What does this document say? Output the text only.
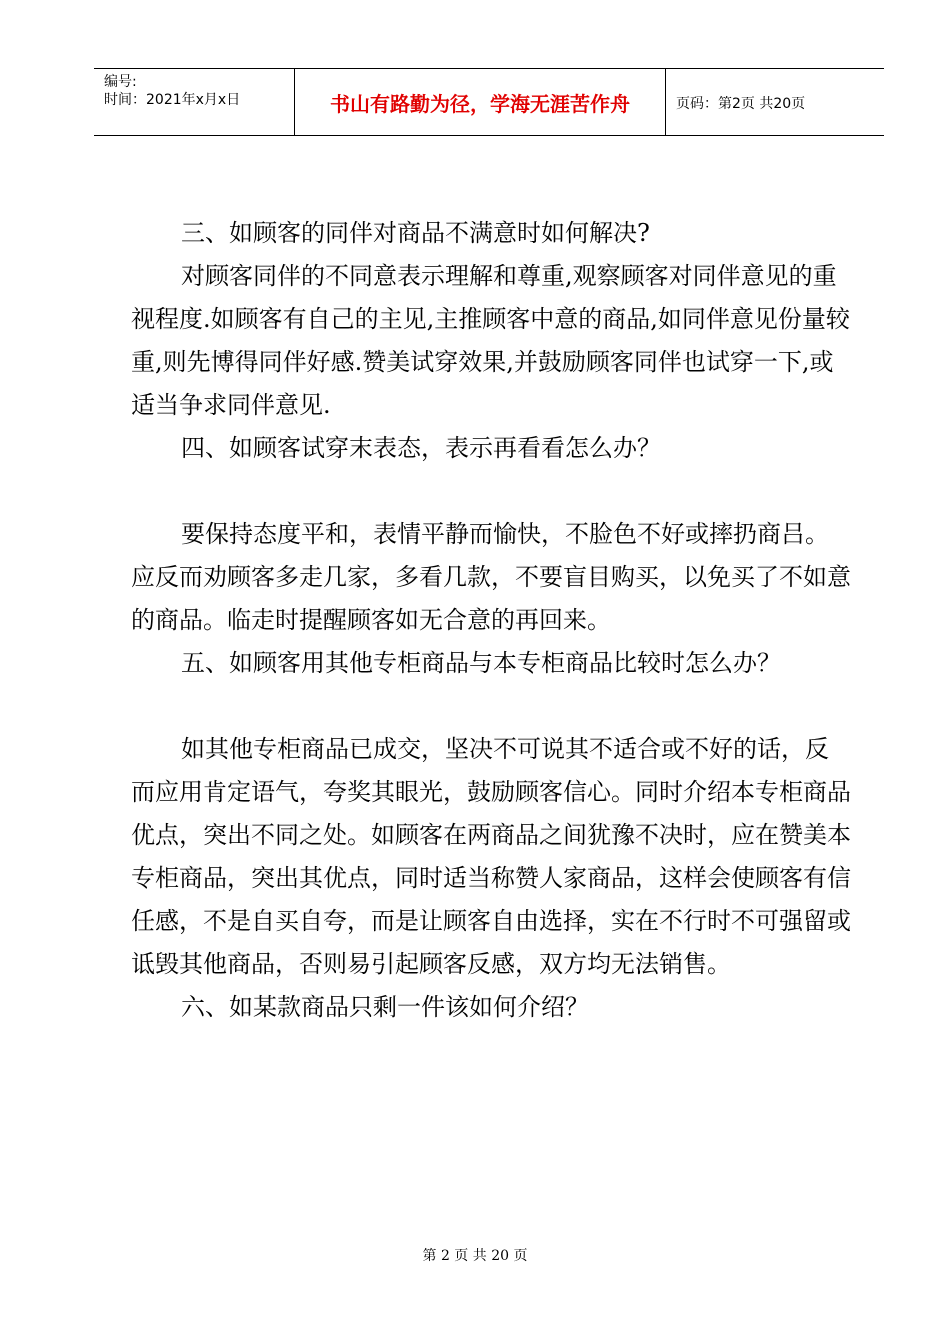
编号:
时间：2021年x月x日	书山有路勤为径，学海无涯苦作舟	页码：第2页 共20页

三、如顾客的同伴对商品不满意时如何解决?

对顾客同伴的不同意表示理解和尊重,观察顾客对同伴意见的重视程度.如顾客有自己的主见,主推顾客中意的商品,如同伴意见份量较重,则先博得同伴好感.赞美试穿效果,并鼓励顾客同伴也试穿一下,或适当争求同伴意见.

四、如顾客试穿末表态，表示再看看怎么办？

要保持态度平和，表情平静而愉快，不脸色不好或摔扔商吕。应反而劝顾客多走几家，多看几款，不要盲目购买，以免买了不如意的商品。临走时提醒顾客如无合意的再回来。

五、如顾客用其他专柜商品与本专柜商品比较时怎么办？

如其他专柜商品已成交，坚决不可说其不适合或不好的话，反而应用肯定语气，夸奖其眼光，鼓励顾客信心。同时介绍本专柜商品优点，突出不同之处。如顾客在两商品之间犹豫不决时，应在赞美本专柜商品，突出其优点，同时适当称赞人家商品，这样会使顾客有信任感，不是自买自夸，而是让顾客自由选择，实在不行时不可强留或诋毁其他商品，否则易引起顾客反感，双方均无法销售。

六、如某款商品只剩一件该如何介绍？

第 2 页 共 20 页
